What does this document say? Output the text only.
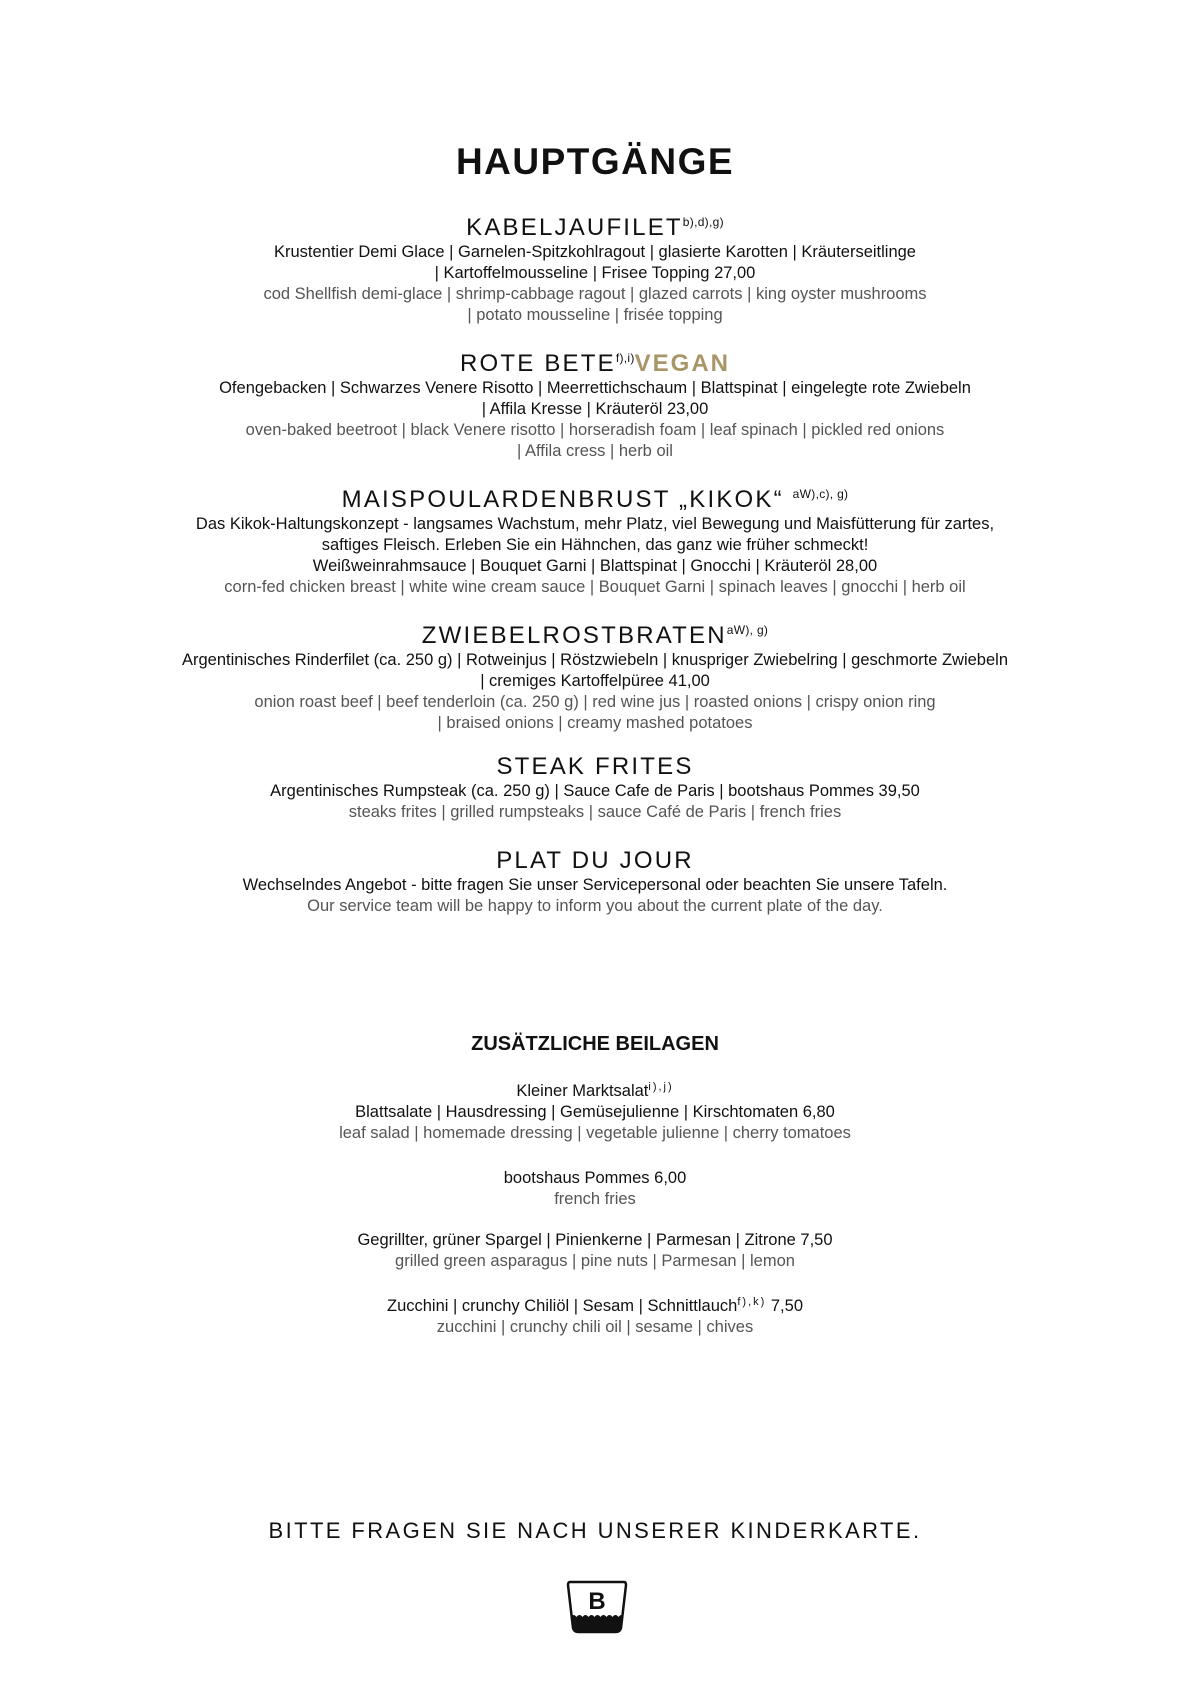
HAUPTGÄNGE
$KABELJAUFILET^{b),d),g)}$
Krustentier Demi Glace | Garnelen-Spitzkohlragout | glasierte Karotten | Kräuterseitlinge
| Kartoffelmousseline | Frisee Topping 27,00
cod Shellfish demi-glace | shrimp-cabbage ragout | glazed carrots | king oyster mushrooms
| potato mousseline | frisée topping
ROTE $BETE^{f),i)}VEGAN$
Ofengebacken | Schwarzes Venere Risotto | Meerrettichschaum | Blattspinat | eingelegte rote Zwiebeln
| Affila Kresse | Kräuteröl 23,00
oven-baked beetroot | black Venere risotto | horseradish foam | leaf spinach | pickled red onions
| Affila cress | herb oil
MAISPOULARDENBRUST „KIKOK“ $^{aW),c), g)}$
Das Kikok-Haltungskonzept - langsames Wachstum, mehr Platz, viel Bewegung und Maisfütterung für zartes,
saftiges Fleisch. Erleben Sie ein Hähnchen, das ganz wie früher schmeckt!
Weißweinrahmsauce | Bouquet Garni | Blattspinat | Gnocchi | Kräuteröl 28,00
corn-fed chicken breast | white wine cream sauce | Bouquet Garni | spinach leaves | gnocchi | herb oil
$ZWIEBELROSTBRATEN^{aW), g)}$
Argentinisches Rinderfilet (ca. 250 g) | Rotweinjus | Röstzwiebeln | knuspriger Zwiebelring | geschmorte Zwiebeln
| cremiges Kartoffelpüree 41,00
onion roast beef | beef tenderloin (ca. 250 g) | red wine jus | roasted onions | crispy onion ring
| braised onions | creamy mashed potatoes
STEAK FRITES
Argentinisches Rumpsteak (ca. 250 g) | Sauce Cafe de Paris | bootshaus Pommes 39,50
steaks frites | grilled rumpsteaks | sauce Café de Paris | french fries
PLAT DU JOUR
Wechselndes Angebot - bitte fragen Sie unser Servicepersonal oder beachten Sie unsere Tafeln.
Our service team will be happy to inform you about the current plate of the day.
ZUSÄTZLICHE BEILAGEN
Kleiner Marktsalat$^{i),j)}$
Blattsalate | Hausdressing | Gemüsejulienne | Kirschtomaten 6,80
leaf salad | homemade dressing | vegetable julienne | cherry tomatoes
bootshaus Pommes 6,00
french fries
Gegrillter, grüner Spargel | Pinienkerne | Parmesan | Zitrone 7,50
grilled green asparagus | pine nuts | Parmesan | lemon
Zucchini | crunchy Chiliöl | Sesam | Schnittlauch$^{f),k)}$ 7,50
zucchini | crunchy chili oil | sesame | chives
BITTE FRAGEN SIE NACH UNSERER KINDERKARTE.
B
